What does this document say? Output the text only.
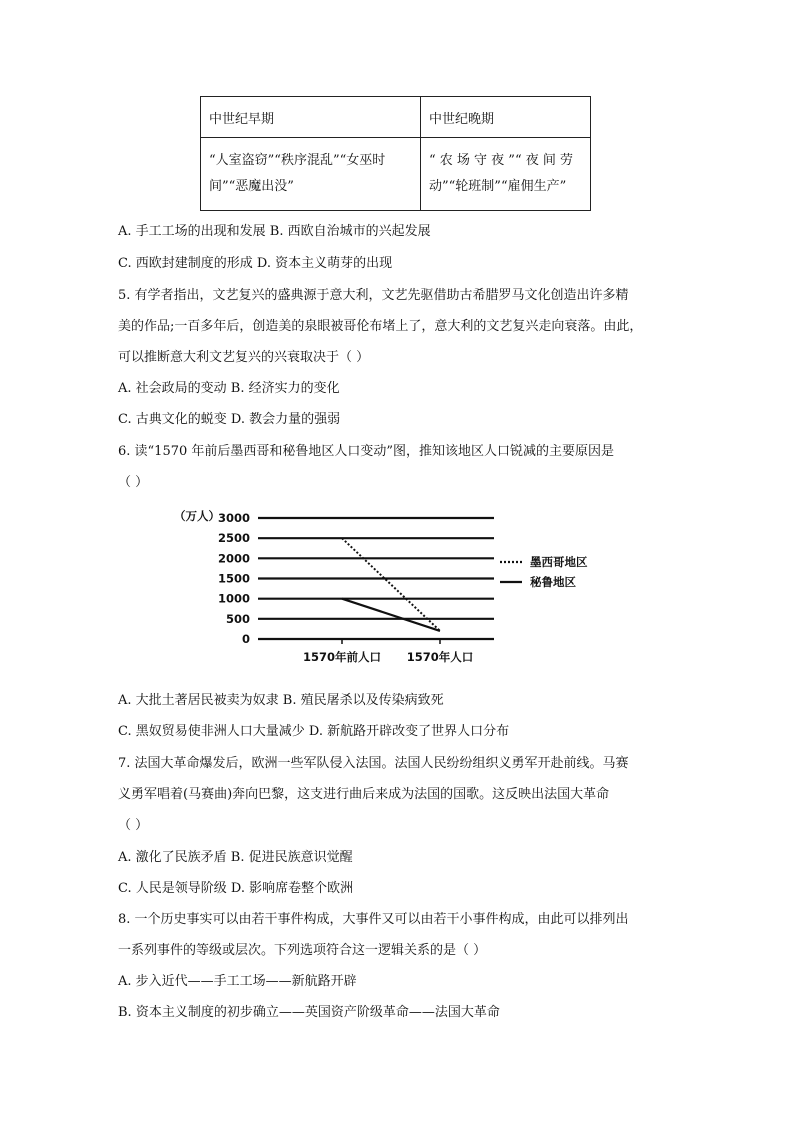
中世纪早期	中世纪晚期

“人室盗窃”“秩序混乱”“女巫时
间”“恶魔出没”	“ 农 场 守 夜 ”“ 夜 间 劳
动”“轮班制”“雇佣生产”
A. 手工工场的出现和发展 B. 西欧自治城市的兴起发展
C. 西欧封建制度的形成 D. 资本主义萌芽的出现
5. 有学者指出，文艺复兴的盛典源于意大利，文艺先驱借助古希腊罗马文化创造出许多精
美的作品;一百多年后，创造美的泉眼被哥伦布堵上了，意大利的文艺复兴走向衰落。由此，
可以推断意大利文艺复兴的兴衰取决于（ ）
A. 社会政局的变动 B. 经济实力的变化
C. 古典文化的蜕变 D. 教会力量的强弱
6. 读“1570 年前后墨西哥和秘鲁地区人口变动”图，推知该地区人口锐减的主要原因是
（ ）
（万人）
0
500
1000
1500
2000
2500
3000
1570年前人口 1570年人口
墨西哥地区
秘鲁地区
A. 大批土著居民被卖为奴隶 B. 殖民屠杀以及传染病致死
C. 黑奴贸易使非洲人口大量减少 D. 新航路开辟改变了世界人口分布
7. 法国大革命爆发后，欧洲一些军队侵入法国。法国人民纷纷组织义勇军开赴前线。马赛
义勇军唱着(马赛曲)奔向巴黎，这支进行曲后来成为法国的国歌。这反映出法国大革命
（ ）
A. 激化了民族矛盾 B. 促进民族意识觉醒
C. 人民是领导阶级 D. 影响席卷整个欧洲
8. 一个历史事实可以由若干事件构成，大事件又可以由若干小事件构成，由此可以排列出
一系列事件的等级或层次。下列选项符合这一逻辑关系的是（ ）
A. 步入近代——手工工场——新航路开辟
B. 资本主义制度的初步确立——英国资产阶级革命——法国大革命
